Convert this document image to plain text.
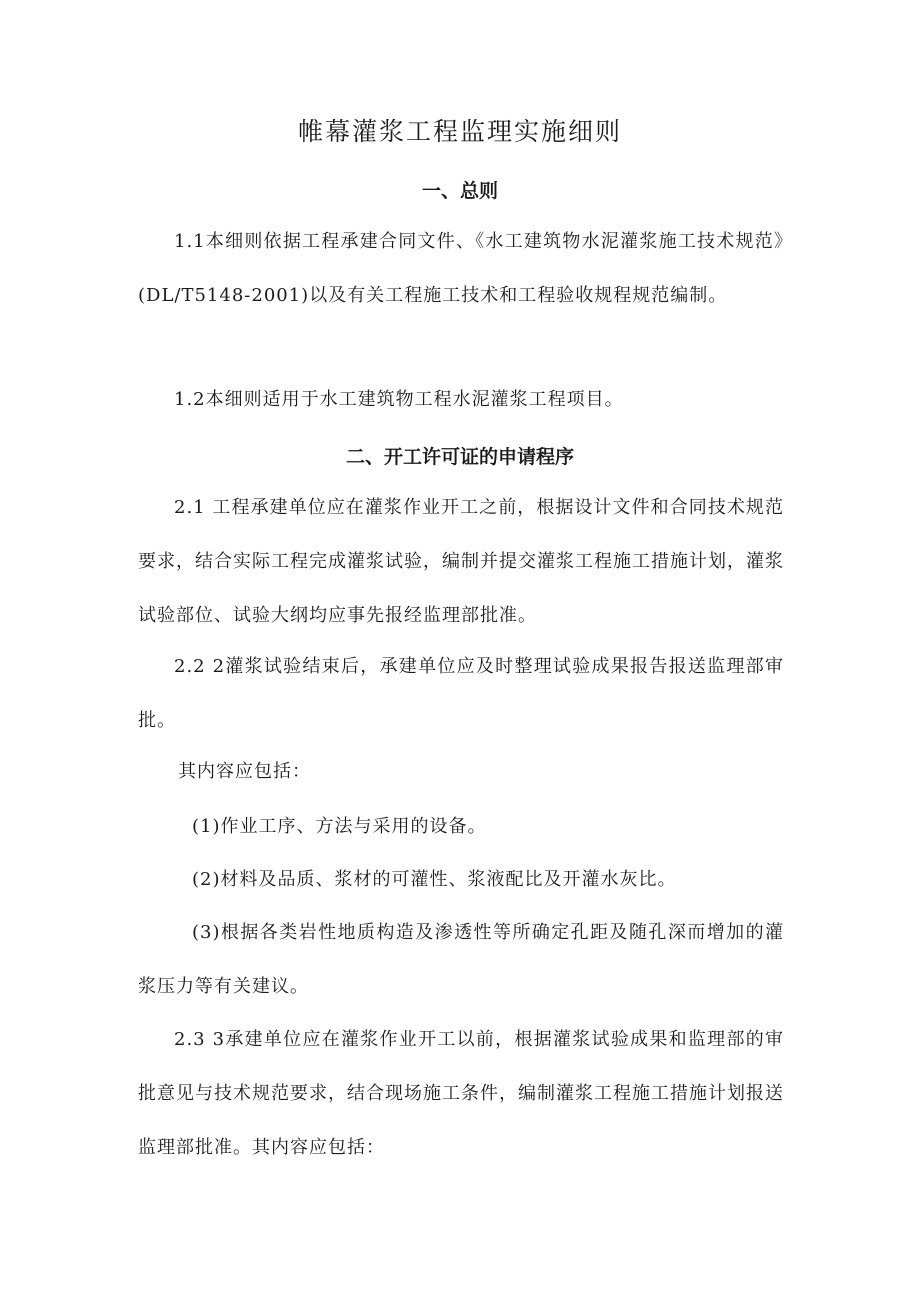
帷幕灌浆工程监理实施细则
一、总则

1.1本细则依据工程承建合同文件、《水工建筑物水泥灌浆施工技术规范》(DL/T5148-2001)以及有关工程施工技术和工程验收规程规范编制。

1.2本细则适用于水工建筑物工程水泥灌浆工程项目。

二、开工许可证的申请程序

2.1 工程承建单位应在灌浆作业开工之前，根据设计文件和合同技术规范要求，结合实际工程完成灌浆试验，编制并提交灌浆工程施工措施计划，灌浆试验部位、试验大纲均应事先报经监理部批准。

2.2 2灌浆试验结束后，承建单位应及时整理试验成果报告报送监理部审批。

其内容应包括：

(1)作业工序、方法与采用的设备。

(2)材料及品质、浆材的可灌性、浆液配比及开灌水灰比。

(3)根据各类岩性地质构造及渗透性等所确定孔距及随孔深而增加的灌浆压力等有关建议。

2.3 3承建单位应在灌浆作业开工以前，根据灌浆试验成果和监理部的审批意见与技术规范要求，结合现场施工条件，编制灌浆工程施工措施计划报送监理部批准。其内容应包括：
